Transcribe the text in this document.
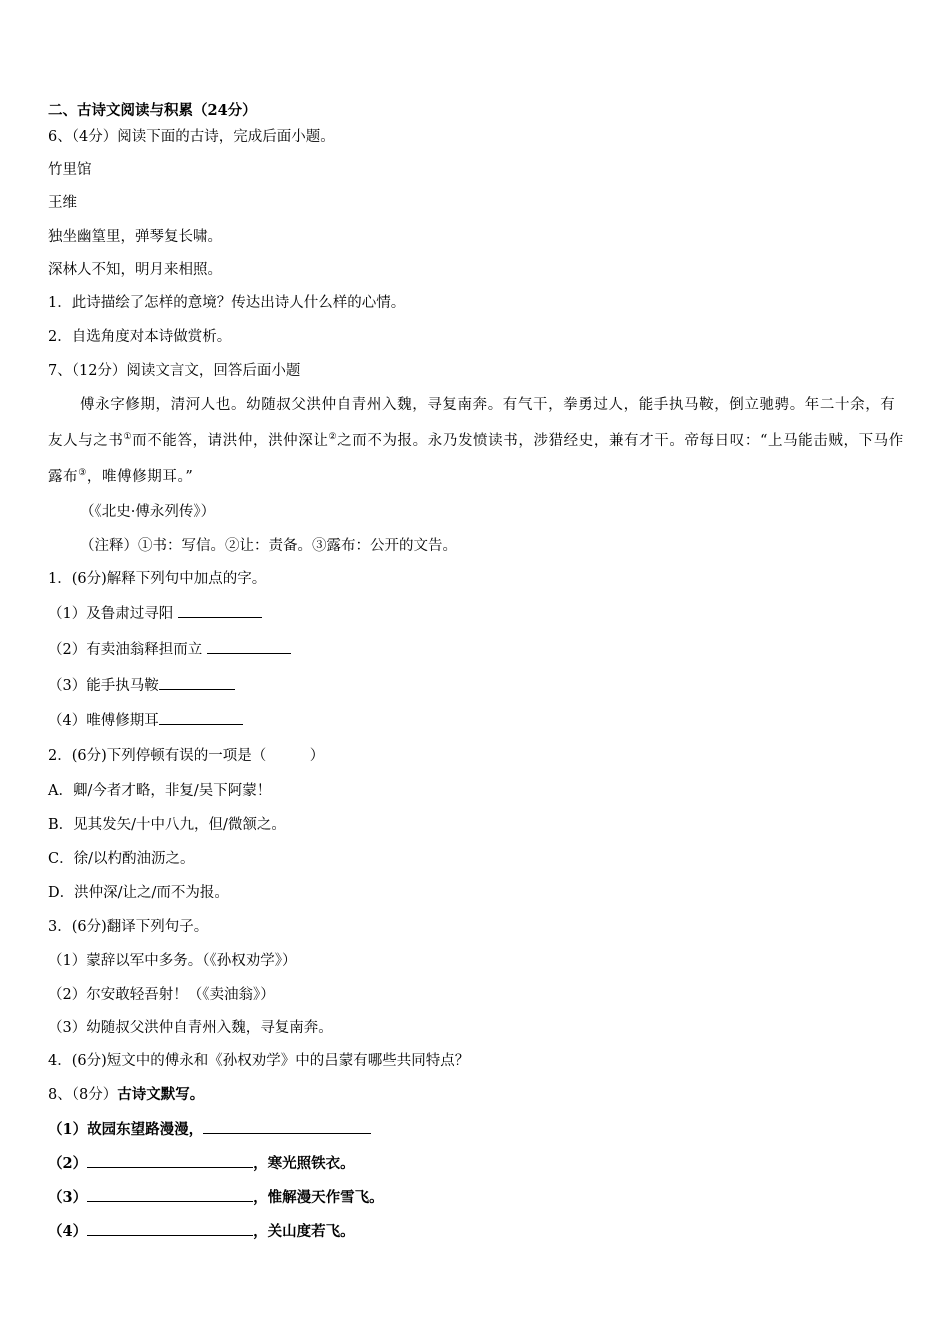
二、古诗文阅读与积累（24分）
6、（4分）阅读下面的古诗，完成后面小题。
竹里馆
王维
独坐幽篁里，弹琴复长啸。
深林人不知，明月来相照。
1．此诗描绘了怎样的意境？传达出诗人什么样的心情。
2．自选角度对本诗做赏析。
7、（12分）阅读文言文，回答后面小题
傅永字修期，清河人也。幼随叔父洪仲自青州入魏，寻复南奔。有气干，拳勇过人，能手执马鞍，倒立驰骋。年二十余，有友人与之书①而不能答，请洪仲，洪仲深让②之而不为报。永乃发愤读书，涉猎经史，兼有才干。帝每日叹：“上马能击贼，下马作露布③，唯傅修期耳。”
（《北史·傅永列传》）
（注释）①书：写信。②让：责备。③露布：公开的文告。
1．(6分)解释下列句中加点的字。
（1）及鲁肃过寻阳
（2）有卖油翁释担而立
（3）能手执马鞍
（4）唯傅修期耳
2．(6分)下列停顿有误的一项是（　　　）
A．卿/今者才略，非复/吴下阿蒙！
B．见其发矢/十中八九，但/微颔之。
C．徐/以杓酌油沥之。
D．洪仲深/让之/而不为报。
3．(6分)翻译下列句子。
（1）蒙辞以军中多务。（《孙权劝学》）
（2）尔安敢轻吾射！（《卖油翁》）
（3）幼随叔父洪仲自青州入魏，寻复南奔。
4．(6分)短文中的傅永和《孙权劝学》中的吕蒙有哪些共同特点？
8、（8分）古诗文默写。
（1）故园东望路漫漫，
（2）	，寒光照铁衣。
（3）	，惟解漫天作雪飞。
（4）	，关山度若飞。
